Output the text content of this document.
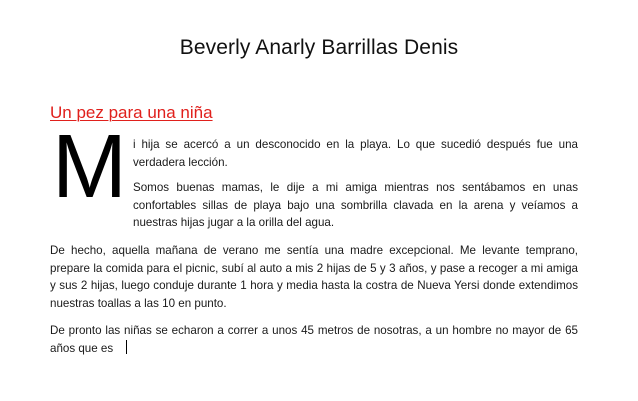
Beverly Anarly Barrillas Denis
Un pez para una niña
M i hija se acercó a un desconocido en la playa. Lo que sucedió después fue una verdadera lección.
Somos buenas mamas, le dije a mi amiga mientras nos sentábamos en unas confortables sillas de playa bajo una sombrilla clavada en la arena y veíamos a nuestras hijas jugar a la orilla del agua.
De hecho, aquella mañana de verano me sentía una madre excepcional. Me levante temprano, prepare la comida para el picnic, subí al auto a mis 2 hijas de 5 y 3 años, y pase a recoger a mi amiga y sus 2 hijas, luego conduje durante 1 hora y media hasta la costra de Nueva Yersi donde extendimos nuestras toallas a las 10 en punto.
De pronto las niñas se echaron a correr a unos 45 metros de nosotras, a un hombre no mayor de 65 años que es
